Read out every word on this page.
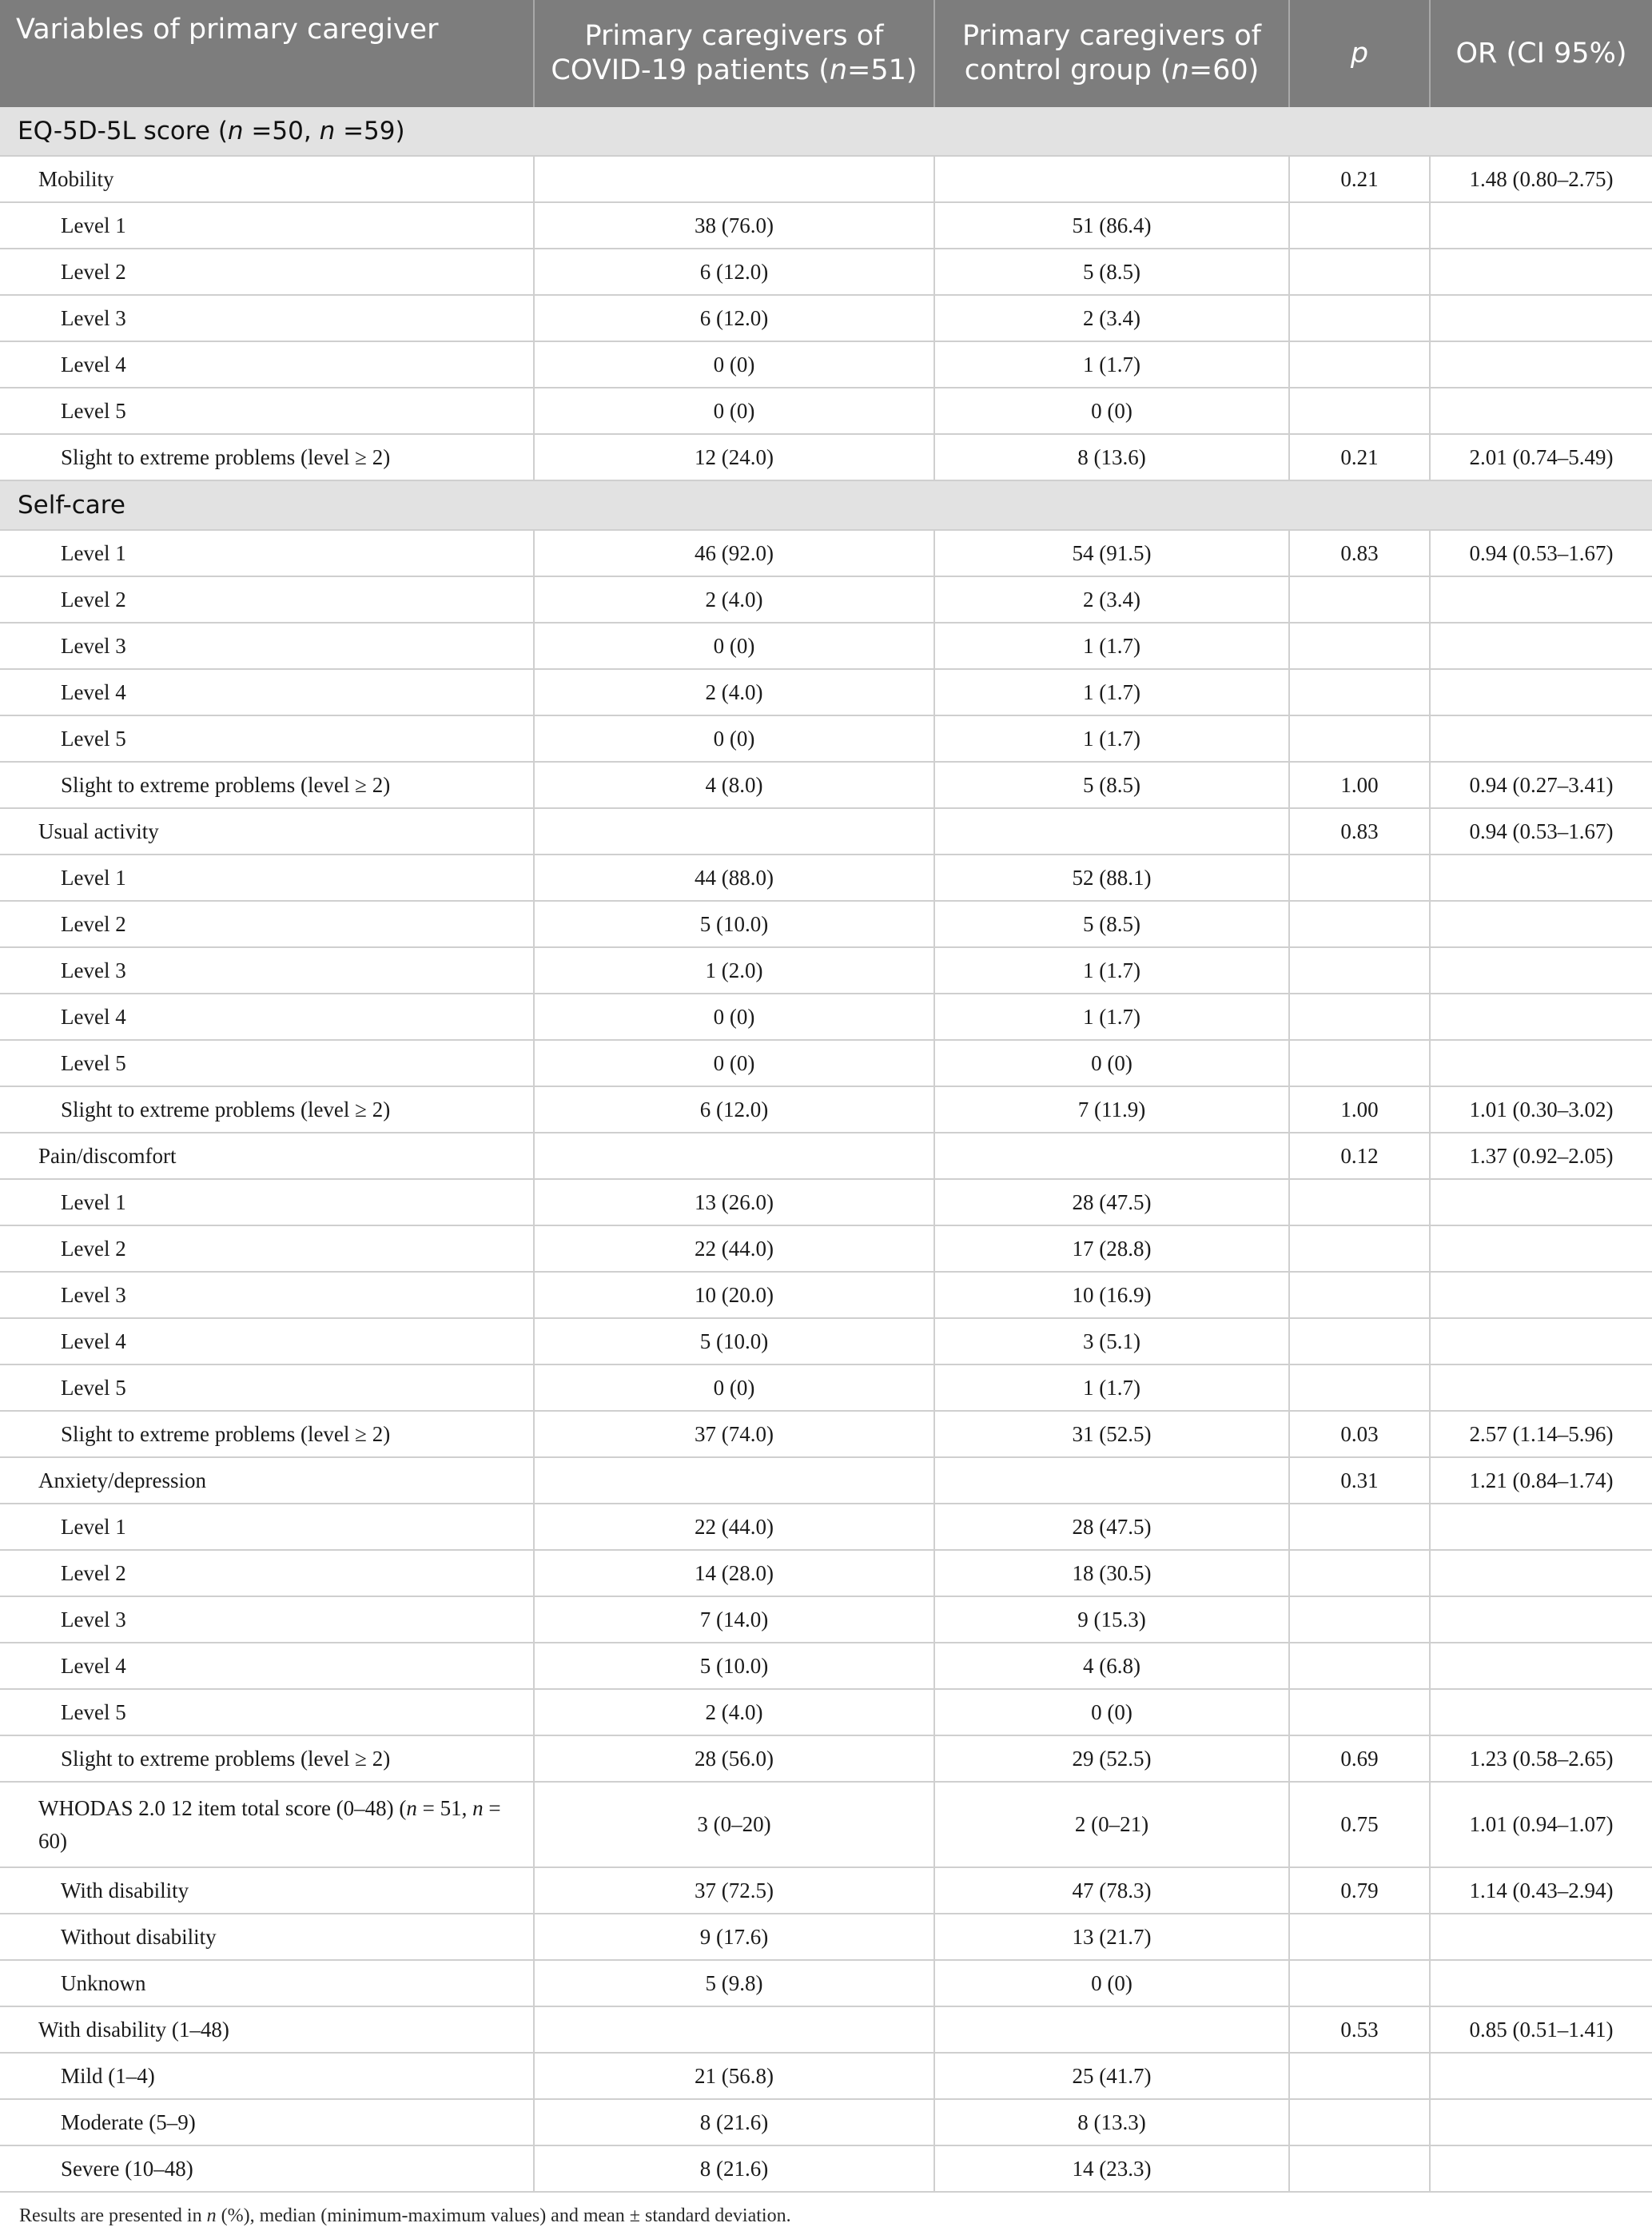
Variables of primary caregiver	Primary caregivers of COVID-19 patients (n=51)	Primary caregivers of control group (n=60)	p	OR (CI 95%)
EQ-5D-5L score (n =50, n =59)				
Mobility			0.21	1.48 (0.80–2.75)
Level 1	38 (76.0)	51 (86.4)		
Level 2	6 (12.0)	5 (8.5)		
Level 3	6 (12.0)	2 (3.4)		
Level 4	0 (0)	1 (1.7)		
Level 5	0 (0)	0 (0)		
Slight to extreme problems (level ≥ 2)	12 (24.0)	8 (13.6)	0.21	2.01 (0.74–5.49)
Self-care				
Level 1	46 (92.0)	54 (91.5)	0.83	0.94 (0.53–1.67)
Level 2	2 (4.0)	2 (3.4)		
Level 3	0 (0)	1 (1.7)		
Level 4	2 (4.0)	1 (1.7)		
Level 5	0 (0)	1 (1.7)		
Slight to extreme problems (level ≥ 2)	4 (8.0)	5 (8.5)	1.00	0.94 (0.27–3.41)
Usual activity			0.83	0.94 (0.53–1.67)
Level 1	44 (88.0)	52 (88.1)		
Level 2	5 (10.0)	5 (8.5)		
Level 3	1 (2.0)	1 (1.7)		
Level 4	0 (0)	1 (1.7)		
Level 5	0 (0)	0 (0)		
Slight to extreme problems (level ≥ 2)	6 (12.0)	7 (11.9)	1.00	1.01 (0.30–3.02)
Pain/discomfort			0.12	1.37 (0.92–2.05)
Level 1	13 (26.0)	28 (47.5)		
Level 2	22 (44.0)	17 (28.8)		
Level 3	10 (20.0)	10 (16.9)		
Level 4	5 (10.0)	3 (5.1)		
Level 5	0 (0)	1 (1.7)		
Slight to extreme problems (level ≥ 2)	37 (74.0)	31 (52.5)	0.03	2.57 (1.14–5.96)
Anxiety/depression			0.31	1.21 (0.84–1.74)
Level 1	22 (44.0)	28 (47.5)		
Level 2	14 (28.0)	18 (30.5)		
Level 3	7 (14.0)	9 (15.3)		
Level 4	5 (10.0)	4 (6.8)		
Level 5	2 (4.0)	0 (0)		
Slight to extreme problems (level ≥ 2)	28 (56.0)	29 (52.5)	0.69	1.23 (0.58–2.65)
WHODAS 2.0 12 item total score (0–48) (n = 51, n = 60)	3 (0–20)	2 (0–21)	0.75	1.01 (0.94–1.07)
With disability	37 (72.5)	47 (78.3)	0.79	1.14 (0.43–2.94)
Without disability	9 (17.6)	13 (21.7)		
Unknown	5 (9.8)	0 (0)		
With disability (1–48)			0.53	0.85 (0.51–1.41)
Mild (1–4)	21 (56.8)	25 (41.7)		
Moderate (5–9)	8 (21.6)	8 (13.3)		
Severe (10–48)	8 (21.6)	14 (23.3)		
Results are presented in n (%), median (minimum-maximum values) and mean ± standard deviation.
